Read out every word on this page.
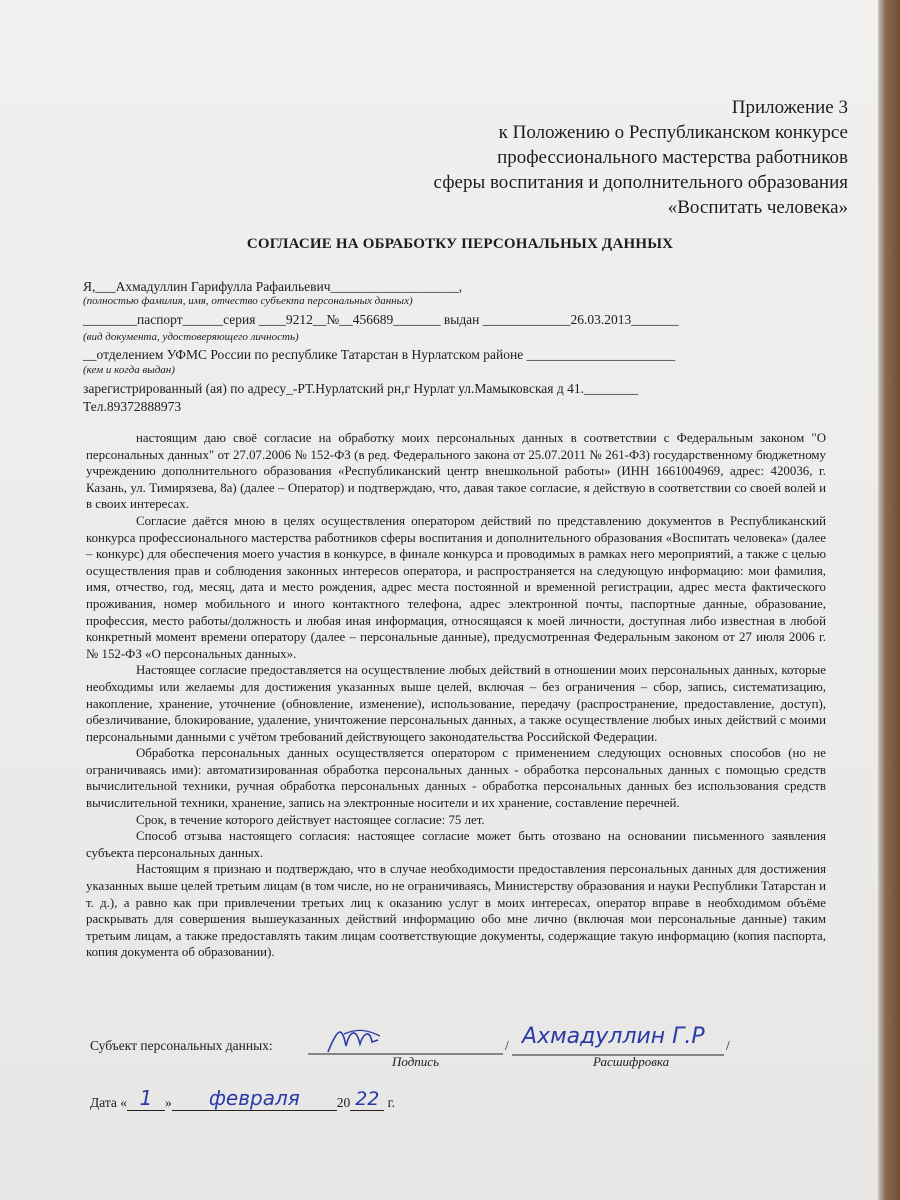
Приложение 3
к Положению о Республиканском конкурсе
профессионального мастерства работников
сферы воспитания и дополнительного образования
«Воспитать человека»
СОГЛАСИЕ НА ОБРАБОТКУ ПЕРСОНАЛЬНЫХ ДАННЫХ
Я,___Ахмадуллин Гарифулла Рафаильевич___________________,
(полностью фамилия, имя, отчество субъекта персональных данных)
________паспорт______серия ____9212__№__456689_______ выдан _____________26.03.2013_______
(вид документа, удостоверяющего личность)
__отделением УФМС России по республике Татарстан в Нурлатском районе ______________________
(кем и когда выдан)
зарегистрированный (ая) по адресу_-РТ.Нурлатский рн,г Нурлат ул.Мамыковская д 41.________
Тел.89372888973

настоящим даю своё согласие на обработку моих персональных данных в соответствии с Федеральным законом "О персональных данных" от 27.07.2006 № 152-ФЗ (в ред. Федерального закона от 25.07.2011 № 261-ФЗ) государственному бюджетному учреждению дополнительного образования «Республиканский центр внешкольной работы» (ИНН 1661004969, адрес: 420036, г. Казань, ул. Тимирязева, 8а) (далее – Оператор) и подтверждаю, что, давая такое согласие, я действую в соответствии со своей волей и в своих интересах.

Согласие даётся мною в целях осуществления оператором действий по представлению документов в Республиканский конкурса профессионального мастерства работников сферы воспитания и дополнительного образования «Воспитать человека» (далее – конкурс) для обеспечения моего участия в конкурсе, в финале конкурса и проводимых в рамках него мероприятий, а также с целью осуществления прав и соблюдения законных интересов оператора, и распространяется на следующую информацию: мои фамилия, имя, отчество, год, месяц, дата и место рождения, адрес места постоянной и временной регистрации, адрес места фактического проживания, номер мобильного и иного контактного телефона, адрес электронной почты, паспортные данные, образование, профессия, место работы/должность и любая иная информация, относящаяся к моей личности, доступная либо известная в любой конкретный момент времени оператору (далее – персональные данные), предусмотренная Федеральным законом от 27 июля 2006 г. № 152-ФЗ «О персональных данных».

Настоящее согласие предоставляется на осуществление любых действий в отношении моих персональных данных, которые необходимы или желаемы для достижения указанных выше целей, включая – без ограничения – сбор, запись, систематизацию, накопление, хранение, уточнение (обновление, изменение), использование, передачу (распространение, предоставление, доступ), обезличивание, блокирование, удаление, уничтожение персональных данных, а также осуществление любых иных действий с моими персональными данными с учётом требований действующего законодательства Российской Федерации.

Обработка персональных данных осуществляется оператором с применением следующих основных способов (но не ограничиваясь ими): автоматизированная обработка персональных данных - обработка персональных данных с помощью средств вычислительной техники, ручная обработка персональных данных - обработка персональных данных без использования средств вычислительной техники, хранение, запись на электронные носители и их хранение, составление перечней.

Срок, в течение которого действует настоящее согласие: 75 лет.

Способ отзыва настоящего согласия: настоящее согласие может быть отозвано на основании письменного заявления субъекта персональных данных.

Настоящим я признаю и подтверждаю, что в случае необходимости предоставления персональных данных для достижения указанных выше целей третьим лицам (в том числе, но не ограничиваясь, Министерству образования и науки Республики Татарстан и т. д.), а равно как при привлечении третьих лиц к оказанию услуг в моих интересах, оператор вправе в необходимом объёме раскрывать для совершения вышеуказанных действий информацию обо мне лично (включая мои персональные данные) таким третьим лицам, а также предоставлять таким лицам соответствующие документы, содержащие такую информацию (копия паспорта, копия документа об образовании).

Субъект персональных данных:
Подпись
/ Ахмадуллин Г.Р /
Расшифровка
Дата « 1 » февраля	20 22 г.
